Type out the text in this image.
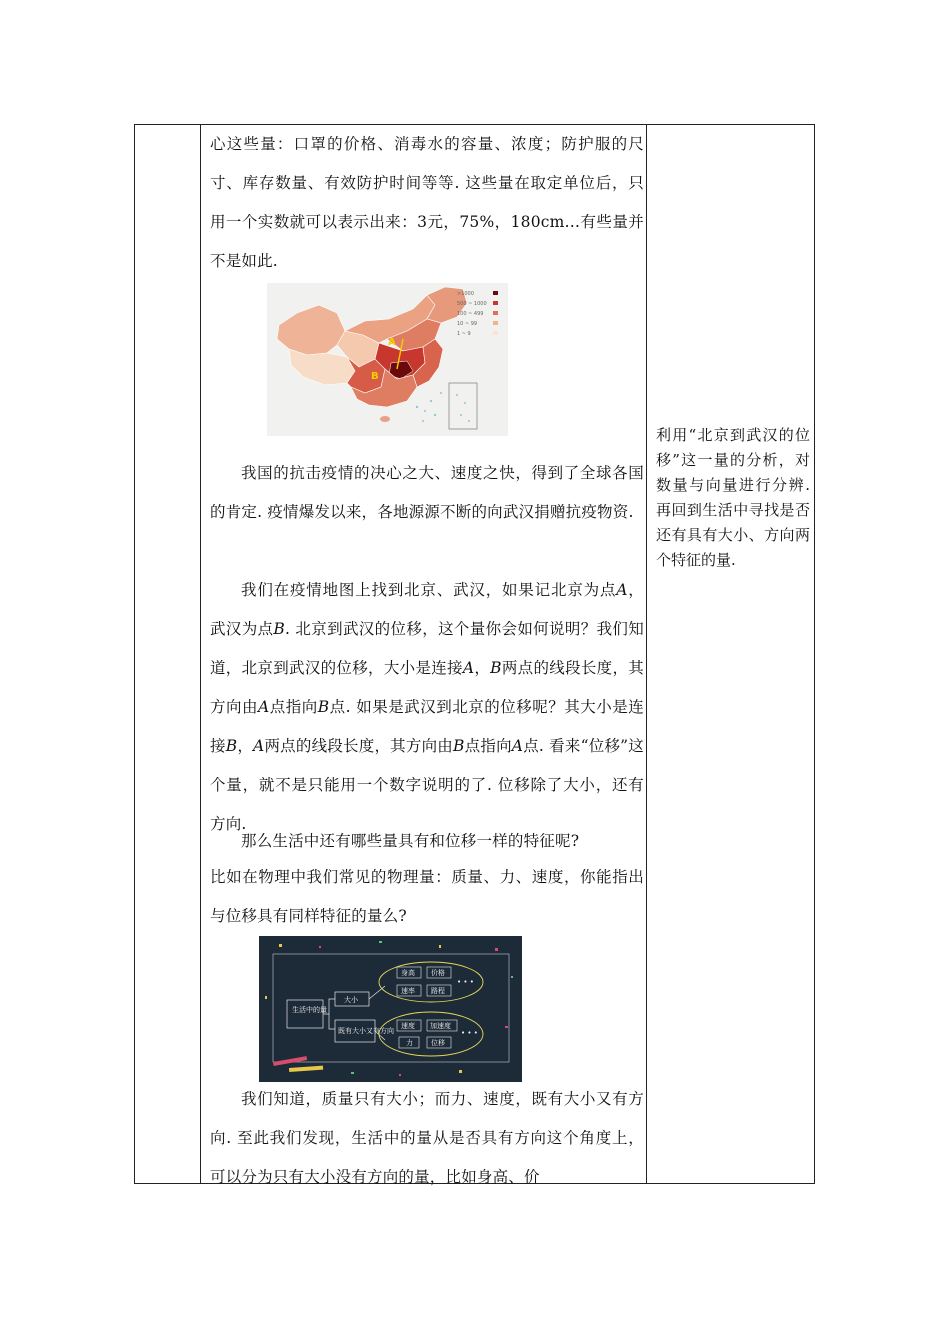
心这些量：口罩的价格、消毒水的容量、浓度；防护服的尺寸、库存数量、有效防护时间等等. 这些量在取定单位后，只用一个实数就可以表示出来：3元，75%，180cm…有些量并不是如此.

A
B
>1000
500 ~ 1000
100 ~ 499
10 ~ 99
1 ~ 9

我国的抗击疫情的决心之大、速度之快，得到了全球各国的肯定. 疫情爆发以来，各地源源不断的向武汉捐赠抗疫物资.

我们在疫情地图上找到北京、武汉，如果记北京为点A，武汉为点B. 北京到武汉的位移，这个量你会如何说明？我们知道，北京到武汉的位移，大小是连接A，B两点的线段长度，其方向由A点指向B点. 如果是武汉到北京的位移呢？其大小是连接B，A两点的线段长度，其方向由B点指向A点. 看来“位移”这个量，就不是只能用一个数字说明的了. 位移除了大小，还有方向.

那么生活中还有哪些量具有和位移一样的特征呢?

比如在物理中我们常见的物理量：质量、力、速度，你能指出与位移具有同样特征的量么?

生活中的量
大小
既有大小又有方向
身高 价格
速率 路程
• • •
速度 加速度
力	位移
• • •

我们知道，质量只有大小；而力、速度，既有大小又有方向. 至此我们发现，生活中的量从是否具有方向这个角度上，可以分为只有大小没有方向的量，比如身高、价

利用“北京到武汉的位移”这一量的分析，对数量与向量进行分辨. 再回到生活中寻找是否还有具有大小、方向两个特征的量.
